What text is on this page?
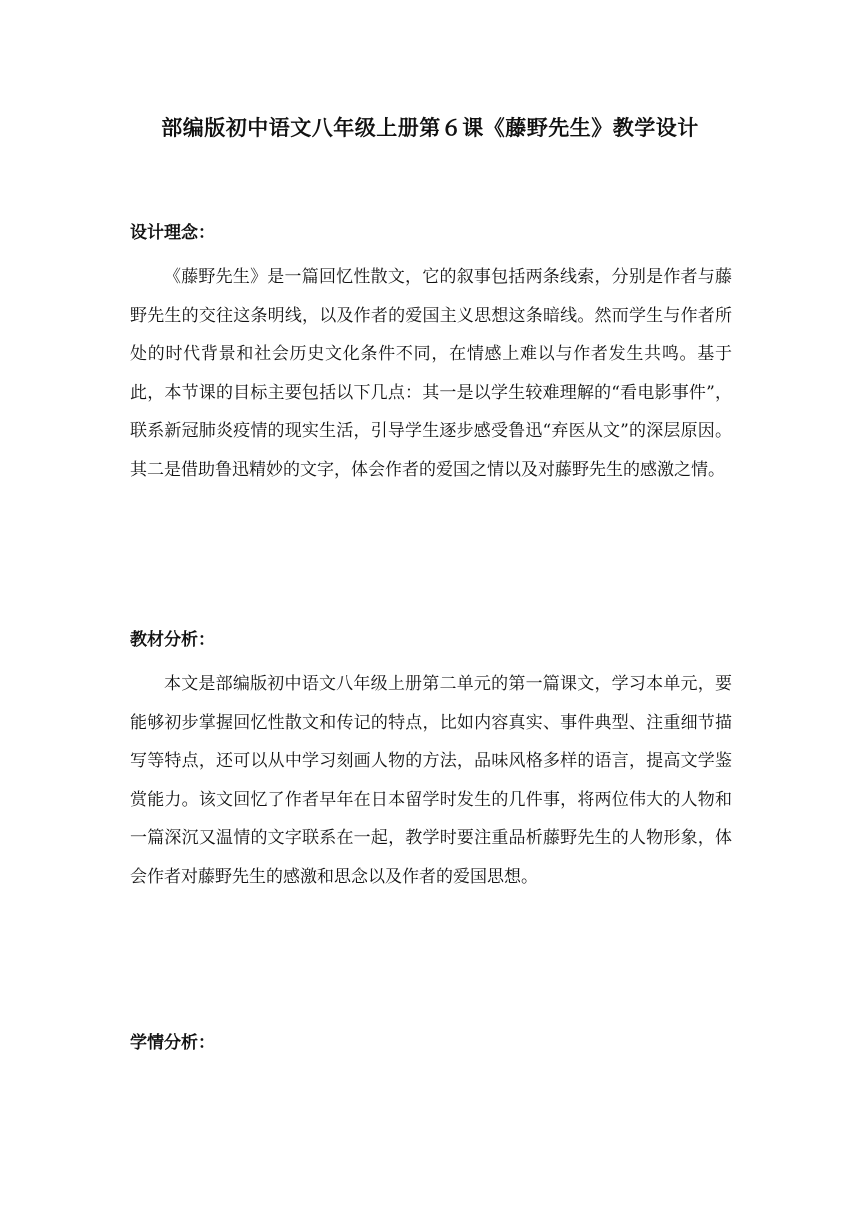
部编版初中语文八年级上册第６课《藤野先生》教学设计
设计理念：

《藤野先生》是一篇回忆性散文，它的叙事包括两条线索，分别是作者与藤野先生的交往这条明线，以及作者的爱国主义思想这条暗线。然而学生与作者所处的时代背景和社会历史文化条件不同，在情感上难以与作者发生共鸣。基于此，本节课的目标主要包括以下几点：其一是以学生较难理解的“看电影事件”，联系新冠肺炎疫情的现实生活，引导学生逐步感受鲁迅“弃医从文”的深层原因。其二是借助鲁迅精妙的文字，体会作者的爱国之情以及对藤野先生的感激之情。

教材分析：

本文是部编版初中语文八年级上册第二单元的第一篇课文，学习本单元，要能够初步掌握回忆性散文和传记的特点，比如内容真实、事件典型、注重细节描写等特点，还可以从中学习刻画人物的方法，品味风格多样的语言，提高文学鉴赏能力。该文回忆了作者早年在日本留学时发生的几件事，将两位伟大的人物和一篇深沉又温情的文字联系在一起，教学时要注重品析藤野先生的人物形象，体会作者对藤野先生的感激和思念以及作者的爱国思想。

学情分析：
